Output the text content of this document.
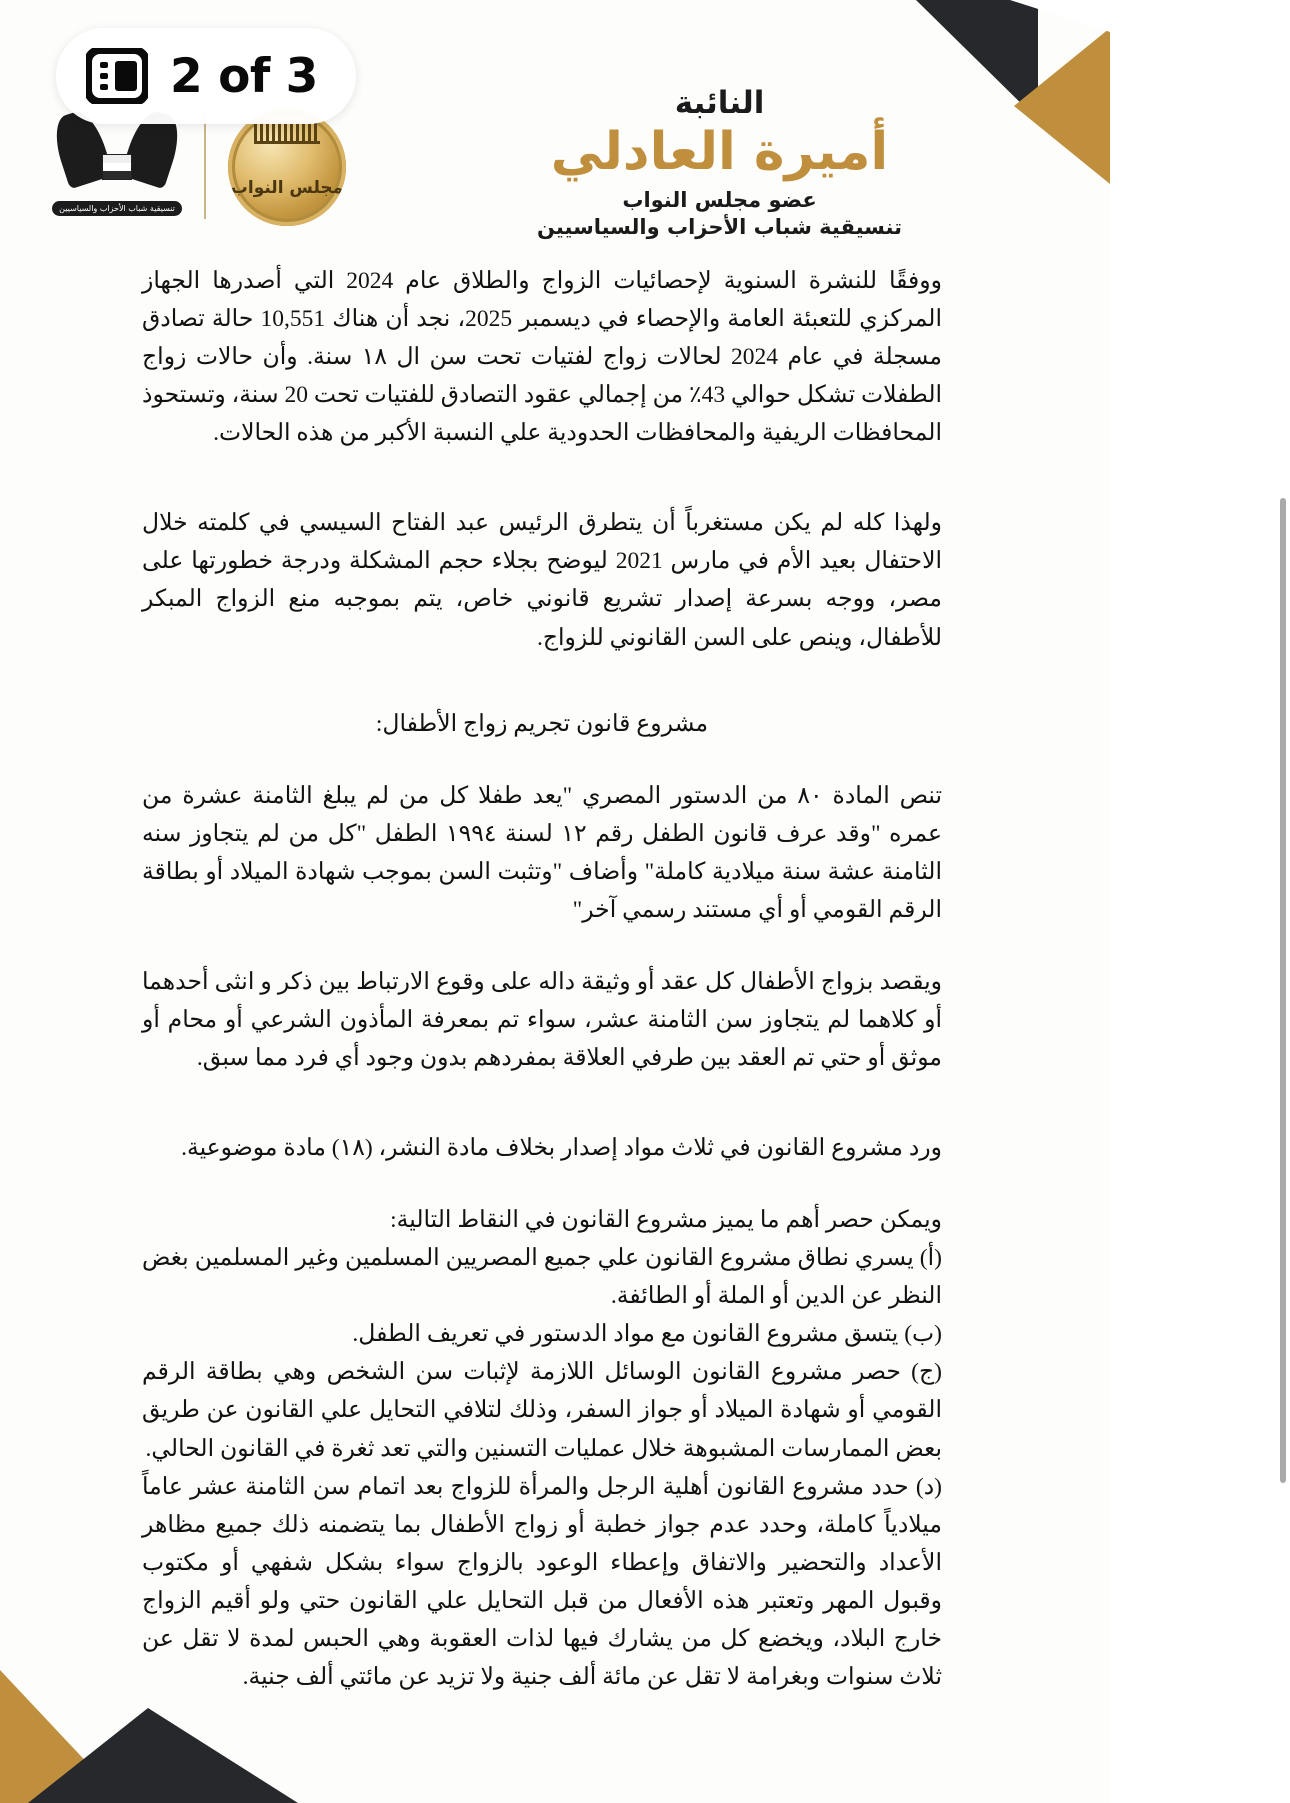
مجلس النواب
تنسيقية شباب الأحزاب والسياسيين
النائبة
أميرة العادلي
عضو مجلس النواب
تنسيقية شباب الأحزاب والسياسيين

ووفقًا للنشرة السنوية لإحصائيات الزواج والطلاق عام 2024 التي أصدرها الجهاز المركزي للتعبئة العامة والإحصاء في ديسمبر 2025، نجد أن هناك 10,551 حالة تصادق مسجلة في عام 2024 لحالات زواج لفتيات تحت سن ال ١٨ سنة. وأن حالات زواج الطفلات تشكل حوالي 43٪ من إجمالي عقود التصادق للفتيات تحت 20 سنة، وتستحوذ المحافظات الريفية والمحافظات الحدودية علي النسبة الأكبر من هذه الحالات.

ولهذا كله لم يكن مستغرباً أن يتطرق الرئيس عبد الفتاح السيسي في كلمته خلال الاحتفال بعيد الأم في مارس 2021 ليوضح بجلاء حجم المشكلة ودرجة خطورتها على مصر، ووجه بسرعة إصدار تشريع قانوني خاص، يتم بموجبه منع الزواج المبكر للأطفال، وينص على السن القانوني للزواج.

مشروع قانون تجريم زواج الأطفال:

تنص المادة ٨٠ من الدستور المصري "يعد طفلا كل من لم يبلغ الثامنة عشرة من عمره "وقد عرف قانون الطفل رقم ١٢ لسنة ١٩٩٤ الطفل "كل من لم يتجاوز سنه الثامنة عشة سنة ميلادية كاملة" وأضاف "وتثبت السن بموجب شهادة الميلاد أو بطاقة الرقم القومي أو أي مستند رسمي آخر"

ويقصد بزواج الأطفال كل عقد أو وثيقة داله على وقوع الارتباط بين ذكر و انثى أحدهما أو كلاهما لم يتجاوز سن الثامنة عشر، سواء تم بمعرفة المأذون الشرعي أو محام أو موثق أو حتي تم العقد بين طرفي العلاقة بمفردهم بدون وجود أي فرد مما سبق.

ورد مشروع القانون في ثلاث مواد إصدار بخلاف مادة النشر، (١٨) مادة موضوعية.

ويمكن حصر أهم ما يميز مشروع القانون في النقاط التالية:

(أ) يسري نطاق مشروع القانون علي جميع المصريين المسلمين وغير المسلمين بغض النظر عن الدين أو الملة أو الطائفة.

(ب) يتسق مشروع القانون مع مواد الدستور في تعريف الطفل.

(ج) حصر مشروع القانون الوسائل اللازمة لإثبات سن الشخص وهي بطاقة الرقم القومي أو شهادة الميلاد أو جواز السفر، وذلك لتلافي التحايل علي القانون عن طريق بعض الممارسات المشبوهة خلال عمليات التسنين والتي تعد ثغرة في القانون الحالي.

(د) حدد مشروع القانون أهلية الرجل والمرأة للزواج بعد اتمام سن الثامنة عشر عاماً ميلادياً كاملة، وحدد عدم جواز خطبة أو زواج الأطفال بما يتضمنه ذلك جميع مظاهر الأعداد والتحضير والاتفاق وإعطاء الوعود بالزواج سواء بشكل شفهي أو مكتوب وقبول المهر وتعتبر هذه الأفعال من قبل التحايل علي القانون حتي ولو أقيم الزواج خارج البلاد، ويخضع كل من يشارك فيها لذات العقوبة وهي الحبس لمدة لا تقل عن ثلاث سنوات وبغرامة لا تقل عن مائة ألف جنية ولا تزيد عن مائتي ألف جنية.

2 of 3
